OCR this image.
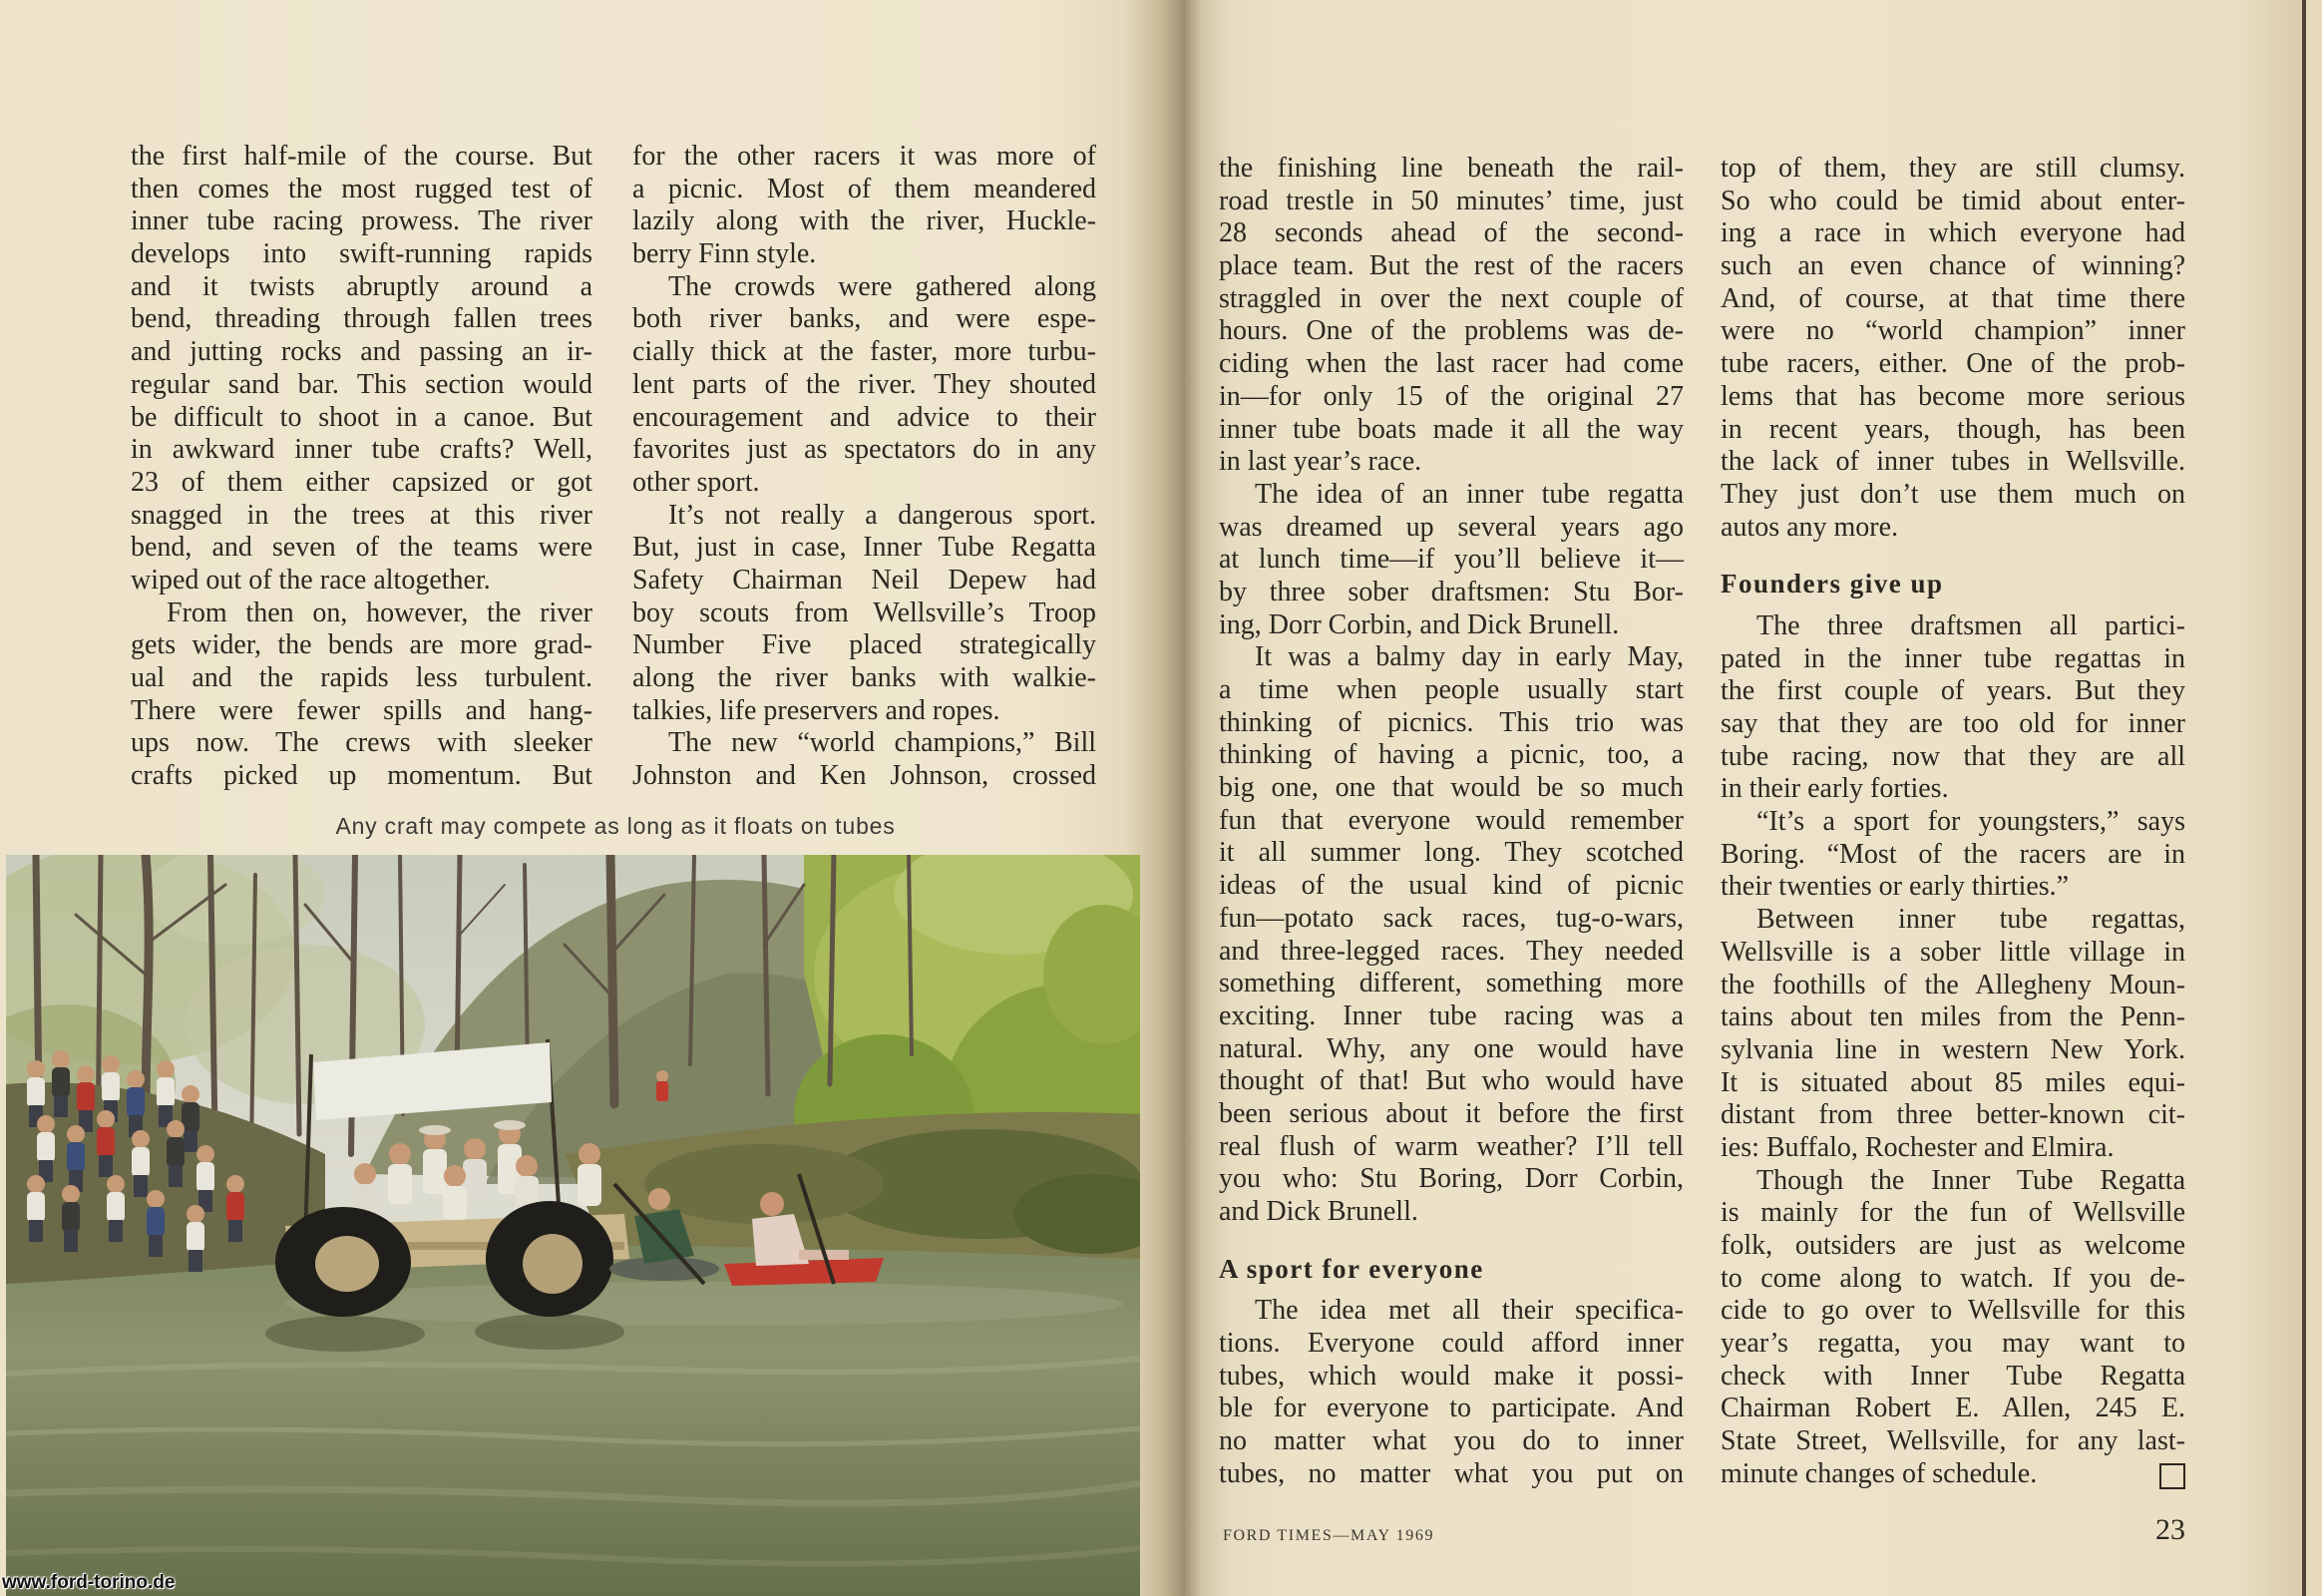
the first half-mile of the course. But
then comes the most rugged test of
inner tube racing prowess. The river
develops into swift-running rapids
and it twists abruptly around a
bend, threading through fallen trees
and jutting rocks and passing an ir-
regular sand bar. This section would
be difficult to shoot in a canoe. But
in awkward inner tube crafts? Well,
23 of them either capsized or got
snagged in the trees at this river
bend, and seven of the teams were
wiped out of the race altogether.
From then on, however, the river
gets wider, the bends are more grad-
ual and the rapids less turbulent.
There were fewer spills and hang-
ups now. The crews with sleeker
crafts picked up momentum. But
for the other racers it was more of
a picnic. Most of them meandered
lazily along with the river, Huckle-
berry Finn style.
The crowds were gathered along
both river banks, and were espe-
cially thick at the faster, more turbu-
lent parts of the river. They shouted
encouragement and advice to their
favorites just as spectators do in any
other sport.
It’s not really a dangerous sport.
But, just in case, Inner Tube Regatta
Safety Chairman Neil Depew had
boy scouts from Wellsville’s Troop
Number Five placed strategically
along the river banks with walkie-
talkies, life preservers and ropes.
The new “world champions,” Bill
Johnston and Ken Johnson, crossed
the finishing line beneath the rail-
road trestle in 50 minutes’ time, just
28 seconds ahead of the second-
place team. But the rest of the racers
straggled in over the next couple of
hours. One of the problems was de-
ciding when the last racer had come
in—for only 15 of the original 27
inner tube boats made it all the way
in last year’s race.
The idea of an inner tube regatta
was dreamed up several years ago
at lunch time—if you’ll believe it—
by three sober draftsmen: Stu Bor-
ing, Dorr Corbin, and Dick Brunell.
It was a balmy day in early May,
a time when people usually start
thinking of picnics. This trio was
thinking of having a picnic, too, a
big one, one that would be so much
fun that everyone would remember
it all summer long. They scotched
ideas of the usual kind of picnic
fun—potato sack races, tug-o-wars,
and three-legged races. They needed
something different, something more
exciting. Inner tube racing was a
natural. Why, any one would have
thought of that! But who would have
been serious about it before the first
real flush of warm weather? I’ll tell
you who: Stu Boring, Dorr Corbin,
and Dick Brunell.
A sport for everyone
The idea met all their specifica-
tions. Everyone could afford inner
tubes, which would make it possi-
ble for everyone to participate. And
no matter what you do to inner
tubes, no matter what you put on
top of them, they are still clumsy.
So who could be timid about enter-
ing a race in which everyone had
such an even chance of winning?
And, of course, at that time there
were no “world champion” inner
tube racers, either. One of the prob-
lems that has become more serious
in recent years, though, has been
the lack of inner tubes in Wellsville.
They just don’t use them much on
autos any more.
Founders give up
The three draftsmen all partici-
pated in the inner tube regattas in
the first couple of years. But they
say that they are too old for inner
tube racing, now that they are all
in their early forties.
“It’s a sport for youngsters,” says
Boring. “Most of the racers are in
their twenties or early thirties.”
Between inner tube regattas,
Wellsville is a sober little village in
the foothills of the Allegheny Moun-
tains about ten miles from the Penn-
sylvania line in western New York.
It is situated about 85 miles equi-
distant from three better-known cit-
ies: Buffalo, Rochester and Elmira.
Though the Inner Tube Regatta
is mainly for the fun of Wellsville
folk, outsiders are just as welcome
to come along to watch. If you de-
cide to go over to Wellsville for this
year’s regatta, you may want to
check with Inner Tube Regatta
Chairman Robert E. Allen, 245 E.
State Street, Wellsville, for any last-
minute changes of schedule.
Any craft may compete as long as it floats on tubes
FORD TIMES—MAY 1969	23
www.ford-torino.de
